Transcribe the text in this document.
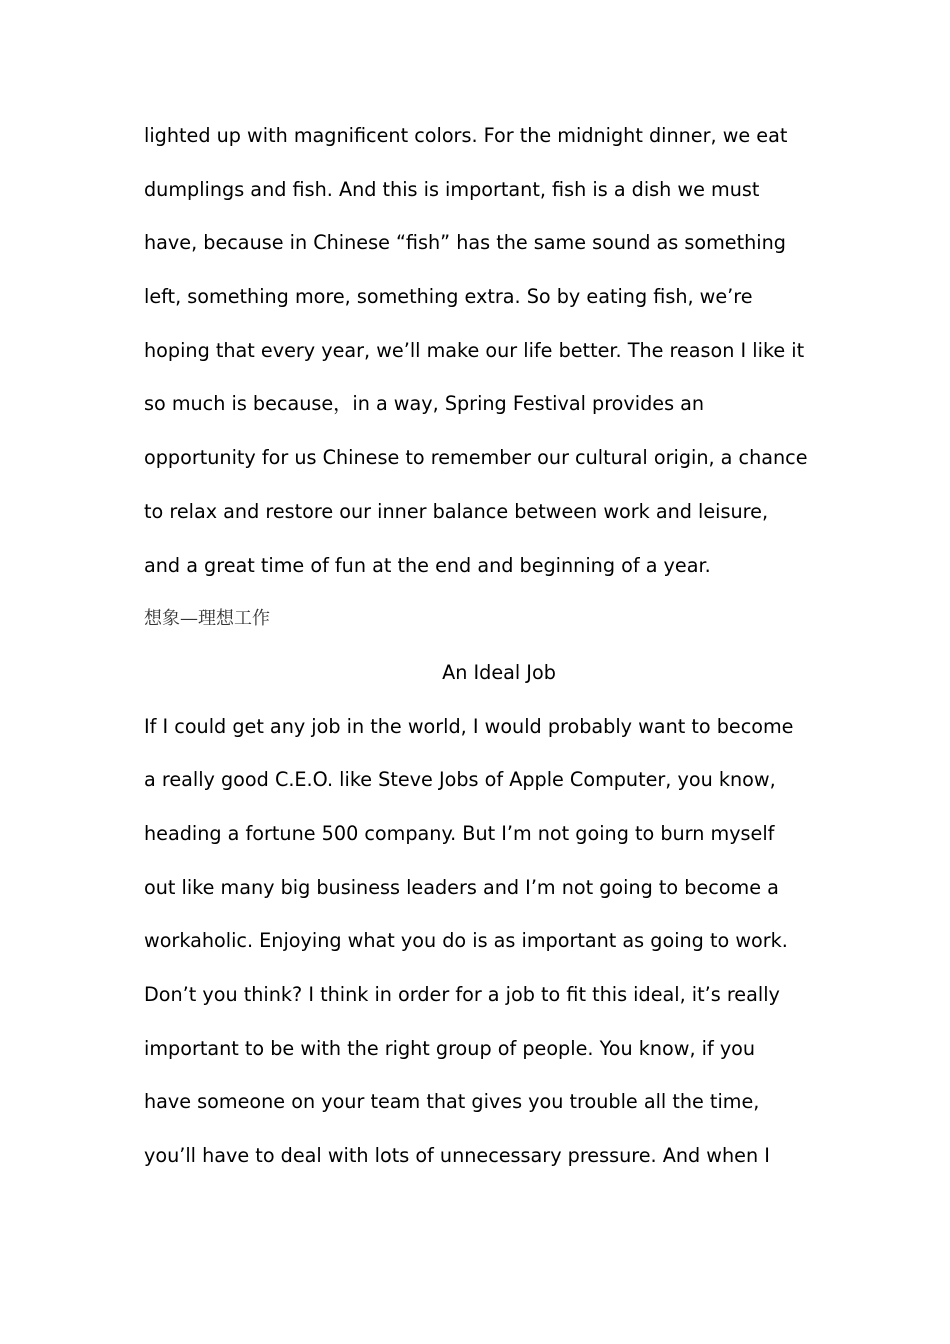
lighted up with magnificent colors. For the midnight dinner, we eat
dumplings and fish. And this is important, fish is a dish we must
have, because in Chinese “fish” has the same sound as something
left, something more, something extra. So by eating fish, we’re
hoping that every year, we’ll make our life better. The reason I like it
so much is because，in a way, Spring Festival provides an
opportunity for us Chinese to remember our cultural origin, a chance
to relax and restore our inner balance between work and leisure,
and a great time of fun at the end and beginning of a year.
想象—理想工作
An Ideal Job
If I could get any job in the world, I would probably want to become
a really good C.E.O. like Steve Jobs of Apple Computer, you know,
heading a fortune 500 company. But I’m not going to burn myself
out like many big business leaders and I’m not going to become a
workaholic. Enjoying what you do is as important as going to work.
Don’t you think? I think in order for a job to fit this ideal, it’s really
important to be with the right group of people. You know, if you
have someone on your team that gives you trouble all the time,
you’ll have to deal with lots of unnecessary pressure. And when I
